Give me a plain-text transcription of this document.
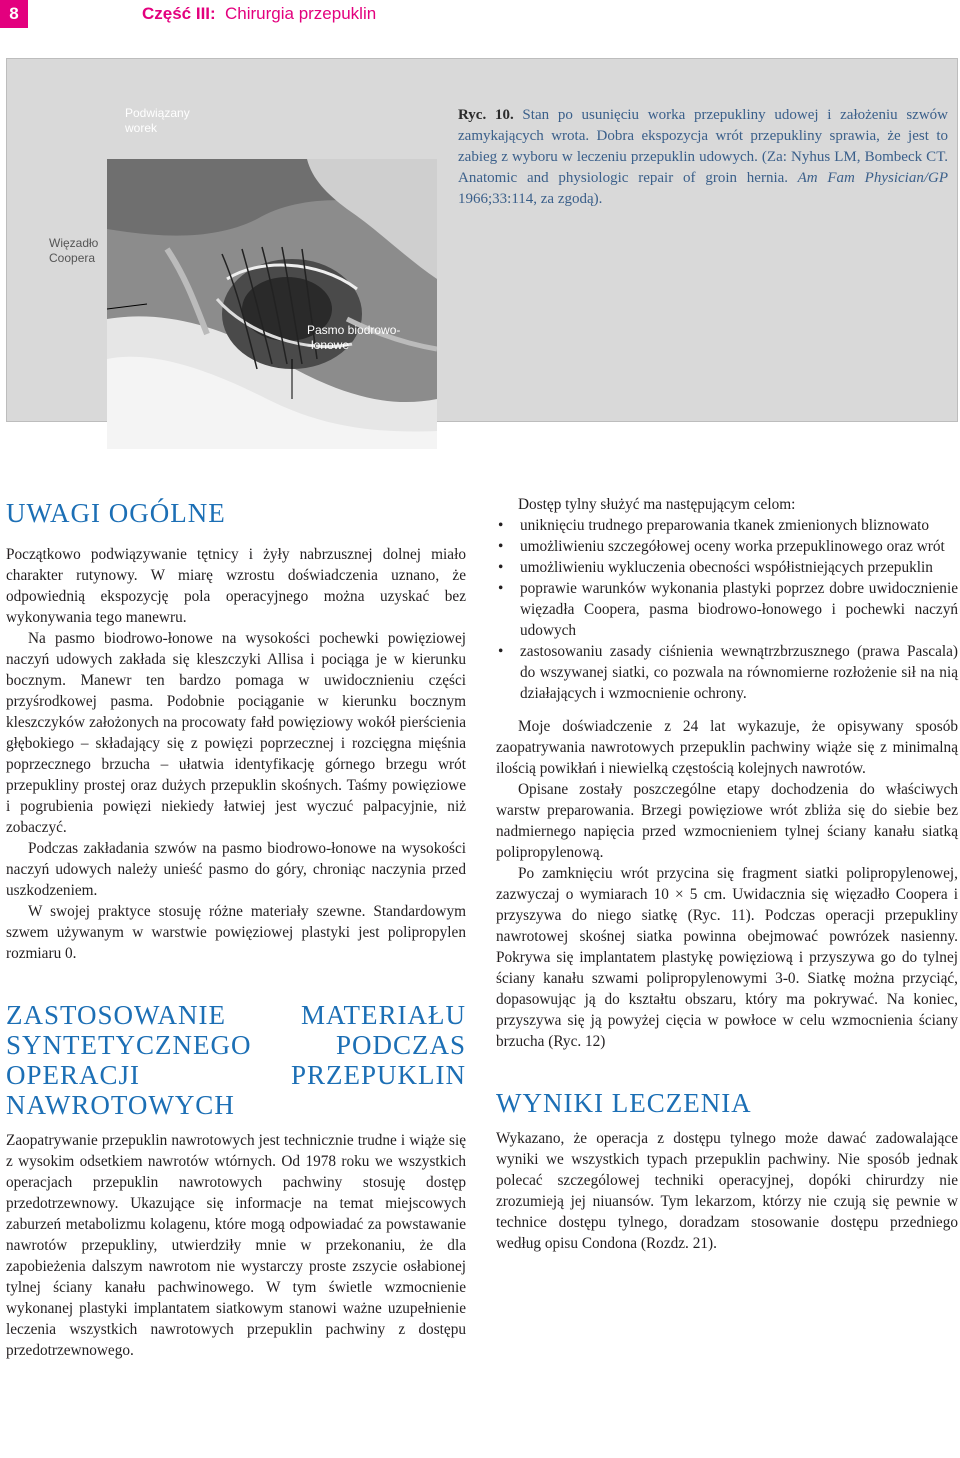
8	Część III: Chirurgia przepuklin
Podwiązany
worek
Więzadło
Coopera
Pasmo biodrowo-
-łonowe
Ryc. 10. Stan po usunięciu worka przepukliny udowej i założeniu szwów zamykających wrota. Dobra ekspozycja wrót przepukliny sprawia, że jest to zabieg z wyboru w leczeniu przepuklin udowych. (Za: Nyhus LM, Bombeck CT. Anatomic and physiologic repair of groin hernia. Am Fam Physician/GP 1966;33:114, za zgodą).
UWAGI OGÓLNE

Początkowo podwiązywanie tętnicy i żyły nabrzusznej dolnej miało charakter rutynowy. W miarę wzrostu doświadczenia uznano, że odpowiednią ekspozycję pola operacyjnego można uzyskać bez wykonywania tego manewru.

Na pasmo biodrowo-łonowe na wysokości pochewki powięziowej naczyń udowych zakłada się kleszczyki Allisa i pociąga je w kierunku bocznym. Manewr ten bardzo pomaga w uwidocznieniu części przyśrodkowej pasma. Podobnie pociąganie w kierunku bocznym kleszczyków założonych na procowaty fałd powięziowy wokół pierścienia głębokiego – składający się z powięzi poprzecznej i rozcięgna mięśnia poprzecznego brzucha – ułatwia identyfikację górnego brzegu wrót przepukliny prostej oraz dużych przepuklin skośnych. Taśmy powięziowe i pogrubienia powięzi niekiedy łatwiej jest wyczuć palpacyjnie, niż zobaczyć.

Podczas zakładania szwów na pasmo biodrowo-łonowe na wysokości naczyń udowych należy unieść pasmo do góry, chroniąc naczynia przed uszkodzeniem.

W swojej praktyce stosuję różne materiały szewne. Standardowym szwem używanym w warstwie powięziowej plastyki jest polipropylen rozmiaru 0.

ZASTOSOWANIE MATERIAŁU SYNTETYCZNEGO PODCZAS OPERACJI PRZEPUKLIN NAWROTOWYCH

Zaopatrywanie przepuklin nawrotowych jest technicznie trudne i wiąże się z wysokim odsetkiem nawrotów wtórnych. Od 1978 roku we wszystkich operacjach przepuklin nawrotowych pachwiny stosuję dostęp przedotrzewnowy. Ukazujące się informacje na temat miejscowych zaburzeń metabolizmu kolagenu, które mogą odpowiadać za powstawanie nawrotów przepukliny, utwierdziły mnie w przekonaniu, że dla zapobieżenia dalszym nawrotom nie wystarczy proste zszycie osłabionej tylnej ściany kanału pachwinowego. W tym świetle wzmocnienie wykonanej plastyki implantatem siatkowym stanowi ważne uzupełnienie leczenia wszystkich nawrotowych przepuklin pachwiny z dostępu przedotrzewnowego.

Dostęp tylny służyć ma następującym celom:

• uniknięciu trudnego preparowania tkanek zmienionych bliznowato
• umożliwieniu szczegółowej oceny worka przepuklinowego oraz wrót
• umożliwieniu wykluczenia obecności współistniejących przepuklin
• poprawie warunków wykonania plastyki poprzez dobre uwidocznienie więzadła Coopera, pasma biodrowo-łonowego i pochewki naczyń udowych
• zastosowaniu zasady ciśnienia wewnątrzbrzusznego (prawa Pascala) do wszywanej siatki, co pozwala na równomierne rozłożenie sił na nią działających i wzmocnienie ochrony.

Moje doświadczenie z 24 lat wykazuje, że opisywany sposób zaopatrywania nawrotowych przepuklin pachwiny wiąże się z minimalną ilością powikłań i niewielką częstością kolejnych nawrotów.

Opisane zostały poszczególne etapy dochodzenia do właściwych warstw preparowania. Brzegi powięziowe wrót zbliża się do siebie bez nadmiernego napięcia przed wzmocnieniem tylnej ściany kanału siatką polipropylenową.

Po zamknięciu wrót przycina się fragment siatki polipropylenowej, zazwyczaj o wymiarach 10 × 5 cm. Uwidacznia się więzadło Coopera i przyszywa do niego siatkę (Ryc. 11). Podczas operacji przepukliny nawrotowej skośnej siatka powinna obejmować powrózek nasienny. Pokrywa się implantatem plastykę powięziową i przyszywa go do tylnej ściany kanału szwami polipropylenowymi 3-0. Siatkę można przyciąć, dopasowując ją do kształtu obszaru, który ma pokrywać. Na koniec, przyszywa się ją powyżej cięcia w powłoce w celu wzmocnienia ściany brzucha (Ryc. 12)

WYNIKI LECZENIA

Wykazano, że operacja z dostępu tylnego może dawać zadowalające wyniki we wszystkich typach przepuklin pachwiny. Nie sposób jednak polecać szczególowej techniki operacyjnej, dopóki chirurdzy nie zrozumieją jej niuansów. Tym lekarzom, którzy nie czują się pewnie w technice dostępu tylnego, doradzam stosowanie dostępu przedniego według opisu Condona (Rozdz. 21).
